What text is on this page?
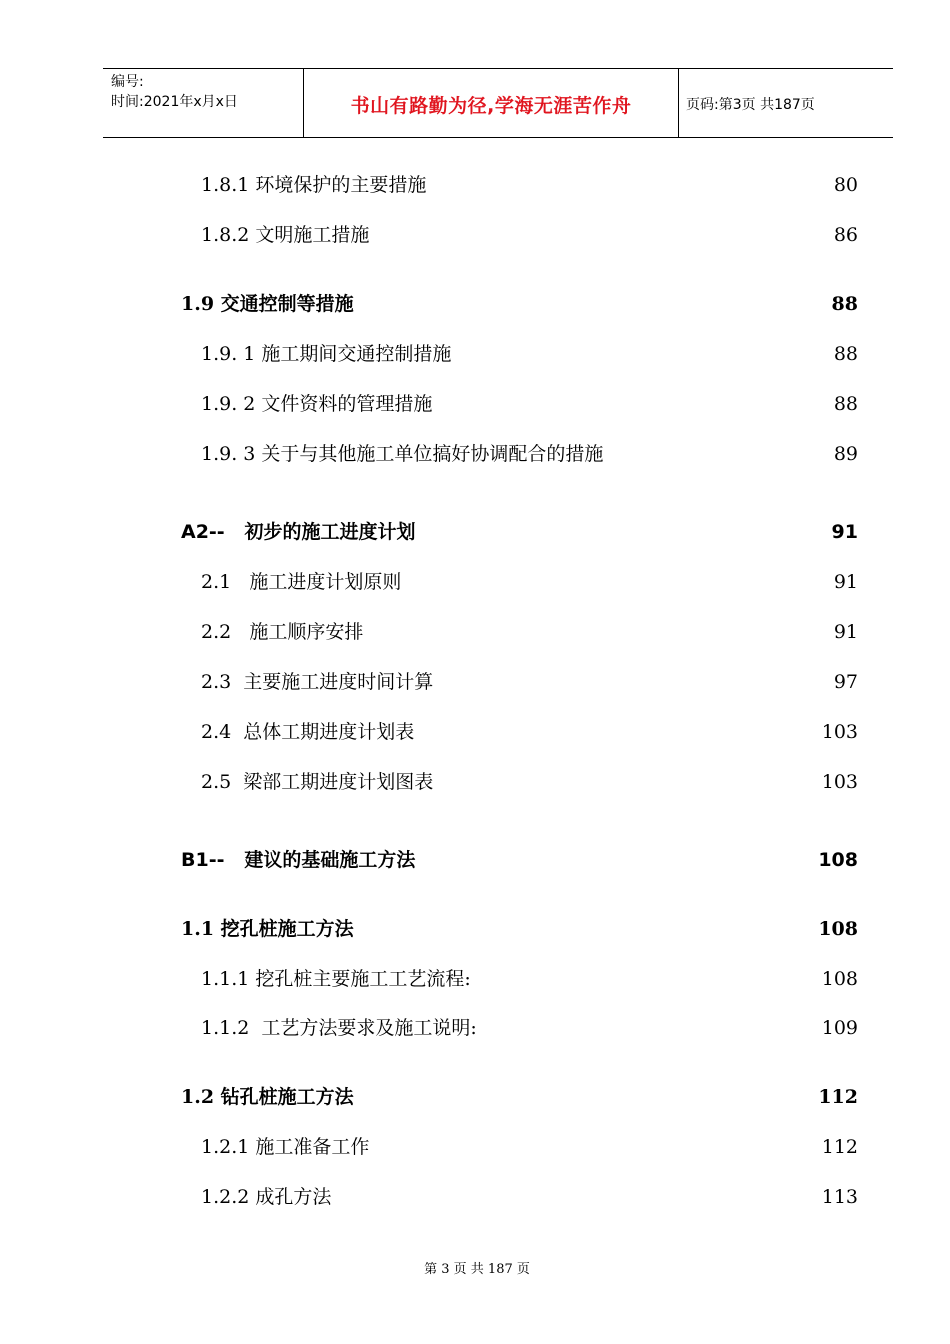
编号:
时间:2021年x月x日	书山有路勤为径,学海无涯苦作舟	页码:第3页 共187页
1.8.1 环境保护的主要措施	80
1.8.2 文明施工措施	86
1.9 交通控制等措施	88
1.9. 1 施工期间交通控制措施	88
1.9. 2 文件资料的管理措施	88
1.9. 3 关于与其他施工单位搞好协调配合的措施	89
A2--   初步的施工进度计划	91
2.1   施工进度计划原则	91
2.2   施工顺序安排	91
2.3  主要施工进度时间计算	97
2.4  总体工期进度计划表	103
2.5  梁部工期进度计划图表	103
B1--   建议的基础施工方法	108
1.1 挖孔桩施工方法	108
1.1.1 挖孔桩主要施工工艺流程:	108
1.1.2  工艺方法要求及施工说明:	109
1.2 钻孔桩施工方法	112
1.2.1 施工准备工作	112
1.2.2 成孔方法	113
第 3 页 共 187 页
